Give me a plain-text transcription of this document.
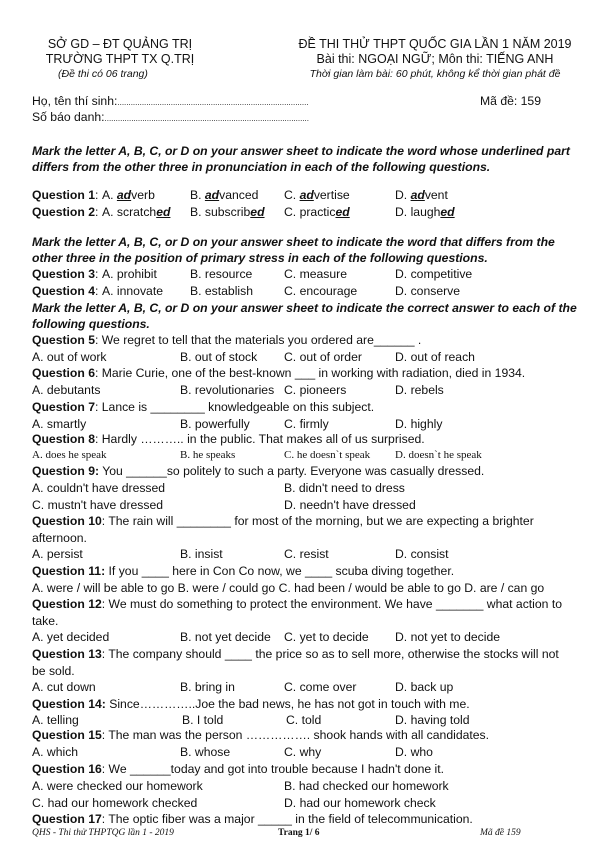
SỞ GD – ĐT QUẢNG TRỊ
TRƯỜNG THPT TX Q.TRỊ
(Đề thi có 06 trang)
ĐỀ THI THỬ THPT QUỐC GIA LẦN 1 NĂM 2019
Bài thi: NGOẠI NGỮ; Môn thi: TIẾNG ANH
Thời gian làm bài: 60 phút, không kể thời gian phát đề
Họ, tên thí sinh:......................................................................................	Mã đề: 159
Số báo danh:............................................................................................
Mark the letter A, B, C, or D on your answer sheet to indicate the word whose underlined part differs from the other three in pronunciation in each of the following questions.
Question 1: A. adverb	B. advanced C. advertise	D. advent
Question 2: A. scratched B. subscribed C. practiced	D. laughed
Mark the letter A, B, C, or D on your answer sheet to indicate the word that differs from the other three in the position of primary stress in each of the following questions.
Question 3: A. prohibit	B. resource	C. measure	D. competitive
Question 4: A. innovate B. establish	C. encourage	D. conserve
Mark the letter A, B, C, or D on your answer sheet to indicate the correct answer to each of the following questions.
Question 5: We regret to tell that the materials you ordered are______ .
A. out of work	B. out of stock C. out of order	D. out of reach
Question 6: Marie Curie, one of the best-known ___ in working with radiation, died in 1934.
A. debutants	B. revolutionaries C. pioneers	D. rebels
Question 7: Lance is ________ knowledgeable on this subject.
A. smartly	B. powerfully	C. firmly	D. highly
Question 8: Hardly ……….. in the public. That makes all of us surprised.
A. does he speak	B. he speaks	C. he doesn`t speak D. doesn`t he speak
Question 9: You ______so politely to such a party. Everyone was casually dressed.
A. couldn't have dressed	B. didn't need to dress
C. mustn't have dressed	D. needn't have dressed
Question 10: The rain will ________ for most of the morning, but we are expecting a brighter
afternoon.
A. persist	B. insist	C. resist	D. consist
Question 11: If you ____ here in Con Co now, we ____ scuba diving together.
A. were / will be able to go B. were / could go C. had been / would be able to go D. are / can go
Question 12: We must do something to protect the environment. We have _______ what action to
take.
A. yet decided	B. not yet decide C. yet to decide D. not yet to decide
Question 13: The company should ____ the price so as to sell more, otherwise the stocks will not
be sold.
A. cut down	B. bring in	C. come over	D. back up
Question 14: Since…………..Joe the bad news, he has not got in touch with me.
A. telling	B. I told	C. told	D. having told
Question 15: The man was the person ……………. shook hands with all candidates.
A. which	B. whose	C. why	D. who
Question 16: We ______today and got into trouble because I hadn't done it.
A. were checked our homework	B. had checked our homework
C. had our homework checked	D. had our homework check
Question 17: The optic fiber was a major _____ in the field of telecommunication.
QHS - Thi thử THPTQG lần 1 - 2019	Trang 1/ 6	Mã đề 159
